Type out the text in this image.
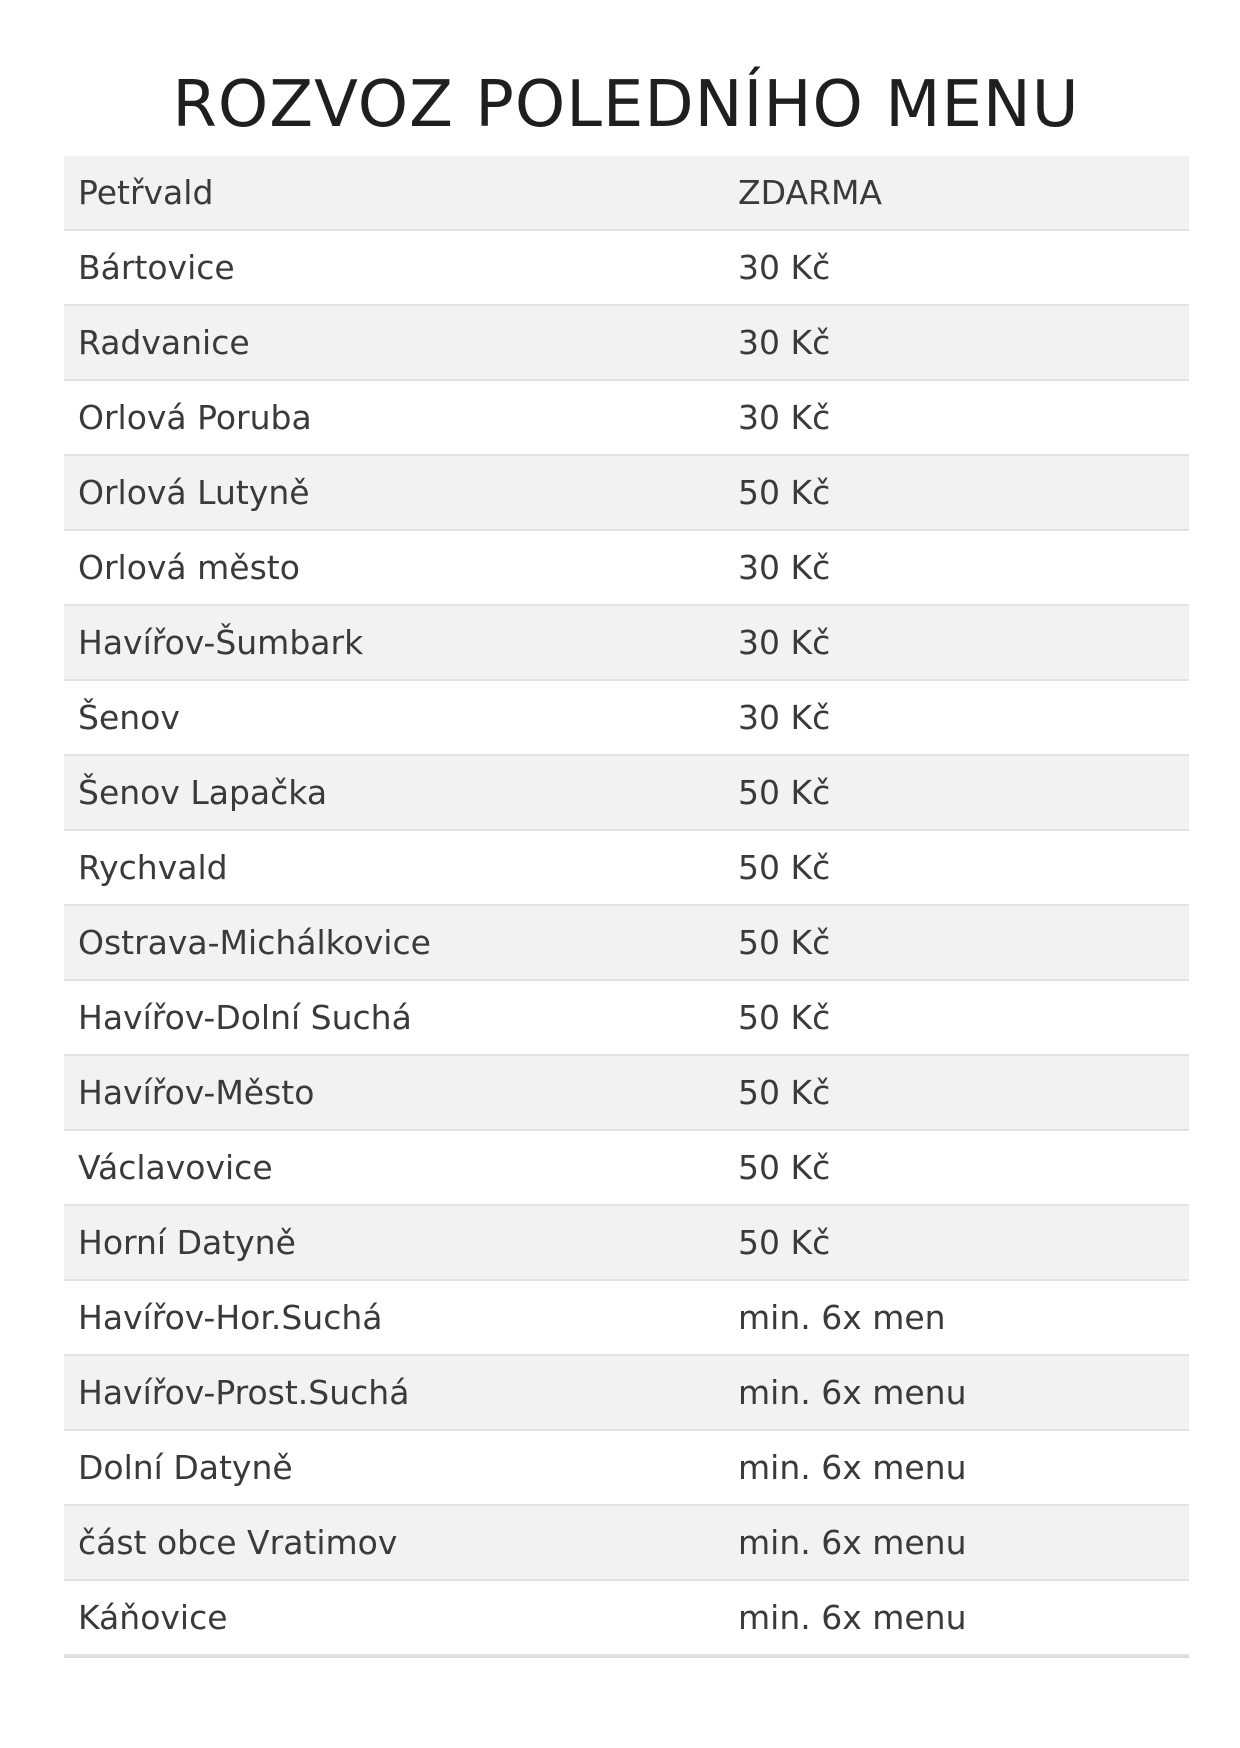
ROZVOZ POLEDNÍHO MENU
Petřvald	ZDARMA
Bártovice	30 Kč
Radvanice	30 Kč
Orlová Poruba	30 Kč
Orlová Lutyně	50 Kč
Orlová město	30 Kč
Havířov-Šumbark	30 Kč
Šenov	30 Kč
Šenov Lapačka	50 Kč
Rychvald	50 Kč
Ostrava-Michálkovice	50 Kč
Havířov-Dolní Suchá	50 Kč
Havířov-Město	50 Kč
Václavovice	50 Kč
Horní Datyně	50 Kč
Havířov-Hor.Suchá	min. 6x men
Havířov-Prost.Suchá	min. 6x menu
Dolní Datyně	min. 6x menu
část obce Vratimov	min. 6x menu
Káňovice	min. 6x menu
